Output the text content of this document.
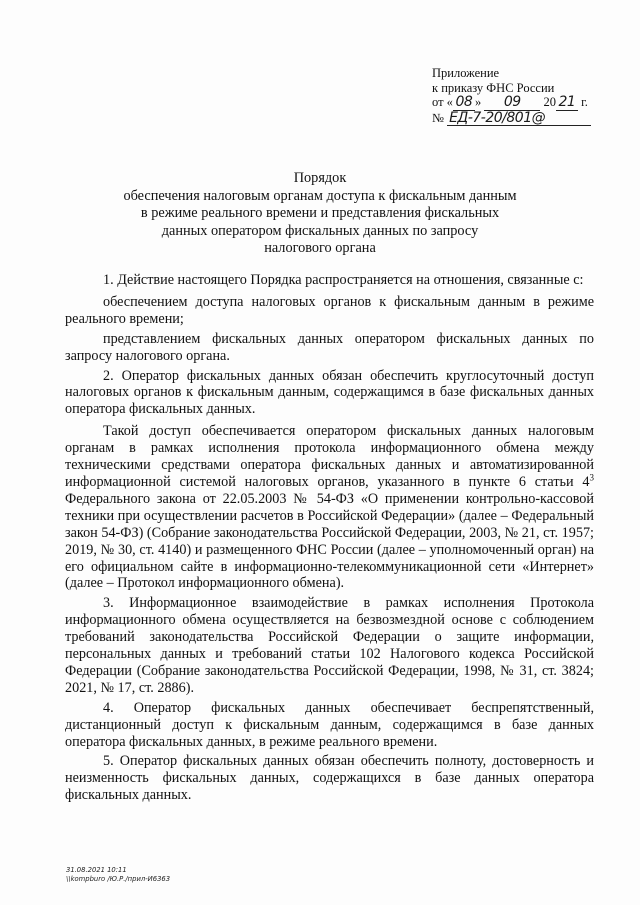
Приложение
к приказу ФНС России
от « 08 » 09 20 21 г.
№ ЕД-7-20/801@
Порядок
обеспечения налоговым органам доступа к фискальным данным
в режиме реального времени и представления фискальных
данных оператором фискальных данных по запросу
налогового органа

1. Действие настоящего Порядка распространяется на отношения, связанные с:

обеспечением доступа налоговых органов к фискальным данным в режиме реального времени;

представлением фискальных данных оператором фискальных данных по запросу налогового органа.

2. Оператор фискальных данных обязан обеспечить круглосуточный доступ налоговых органов к фискальным данным, содержащимся в базе фискальных данных оператора фискальных данных.

Такой доступ обеспечивается оператором фискальных данных налоговым органам в рамках исполнения протокола информационного обмена между техническими средствами оператора фискальных данных и автоматизированной информационной системой налоговых органов, указанного в пункте 6 статьи $4^3$ Федерального закона от 22.05.2003 № 54-ФЗ «О применении контрольно-кассовой техники при осуществлении расчетов в Российской Федерации» (далее – Федеральный закон 54-ФЗ) (Собрание законодательства Российской Федерации, 2003, № 21, ст. 1957; 2019, № 30, ст. 4140) и размещенного ФНС России (далее – уполномоченный орган) на его официальном сайте в информационно-телекоммуникационной сети «Интернет» (далее – Протокол информационного обмена).

3. Информационное взаимодействие в рамках исполнения Протокола информационного обмена осуществляется на безвозмездной основе с соблюдением требований законодательства Российской Федерации о защите информации, персональных данных и требований статьи 102 Налогового кодекса Российской Федерации (Собрание законодательства Российской Федерации, 1998, № 31, ст. 3824; 2021, № 17, ст. 2886).

4. Оператор фискальных данных обеспечивает беспрепятственный, дистанционный доступ к фискальным данным, содержащимся в базе данных оператора фискальных данных, в режиме реального времени.

5. Оператор фискальных данных обязан обеспечить полноту, достоверность и неизменность фискальных данных, содержащихся в базе данных оператора фискальных данных.

31.08.2021 10:11
\\kompburo /Ю.Р./прил-И6363
